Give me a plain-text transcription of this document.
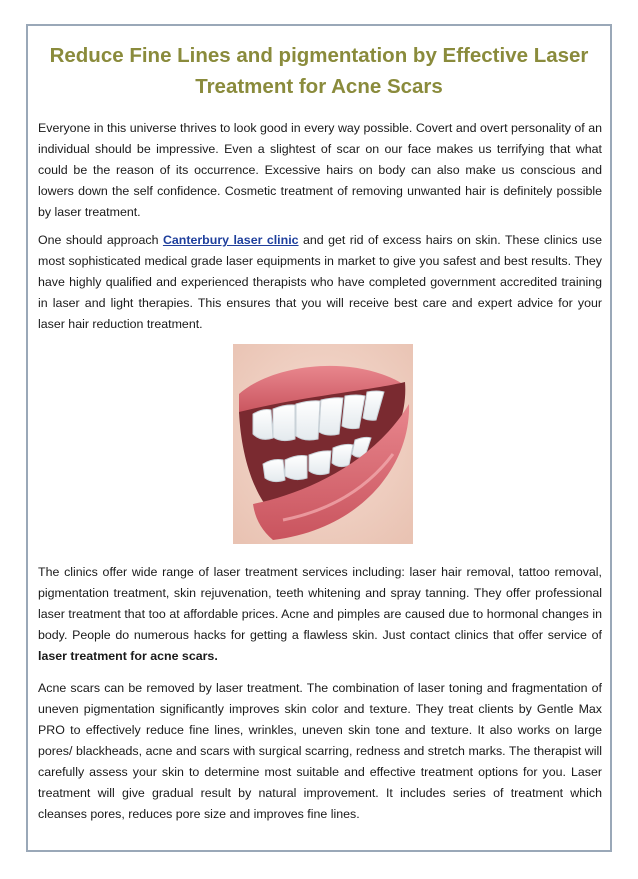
Reduce Fine Lines and pigmentation by Effective Laser Treatment for Acne Scars

Everyone in this universe thrives to look good in every way possible. Covert and overt personality of an individual should be impressive. Even a slightest of scar on our face makes us terrifying that what could be the reason of its occurrence. Excessive hairs on body can also make us conscious and lowers down the self confidence. Cosmetic treatment of removing unwanted hair is definitely possible by laser treatment.

One should approach Canterbury laser clinic and get rid of excess hairs on skin. These clinics use most sophisticated medical grade laser equipments in market to give you safest and best results. They have highly qualified and experienced therapists who have completed government accredited training in laser and light therapies. This ensures that you will receive best care and expert advice for your laser hair reduction treatment.

The clinics offer wide range of laser treatment services including: laser hair removal, tattoo removal, pigmentation treatment, skin rejuvenation, teeth whitening and spray tanning. They offer professional laser treatment that too at affordable prices. Acne and pimples are caused due to hormonal changes in body. People do numerous hacks for getting a flawless skin. Just contact clinics that offer service of laser treatment for acne scars.

Acne scars can be removed by laser treatment. The combination of laser toning and fragmentation of uneven pigmentation significantly improves skin color and texture. They treat clients by Gentle Max PRO to effectively reduce fine lines, wrinkles, uneven skin tone and texture. It also works on large pores/ blackheads, acne and scars with surgical scarring, redness and stretch marks. The therapist will carefully assess your skin to determine most suitable and effective treatment options for you. Laser treatment will give gradual result by natural improvement. It includes series of treatment which cleanses pores, reduces pore size and improves fine lines.
